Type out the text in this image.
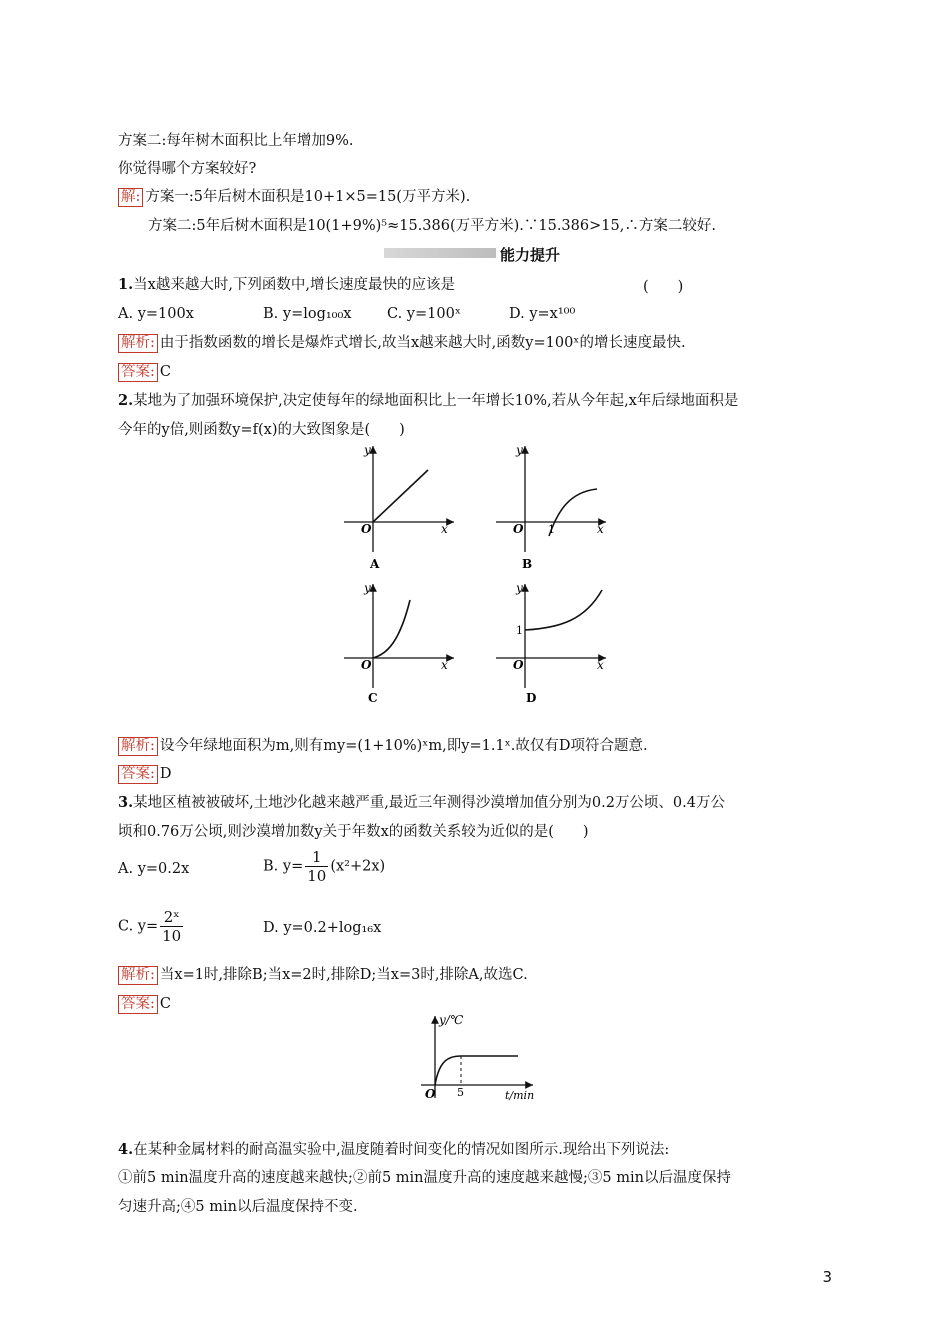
方案二:每年树木面积比上年增加9%.
你觉得哪个方案较好?
解: 方案一:5年后树木面积是10+1×5=15(万平方米).
方案二:5年后树木面积是10(1+9%)⁵≈15.386(万平方米).∵15.386>15,∴方案二较好.
能力提升
1.当x越来越大时,下列函数中,增长速度最快的应该是	(　　)
A. y=100x	B. y=log₁₀₀x C. y=100ˣ	D. y=x¹⁰⁰
解析: 由于指数函数的增长是爆炸式增长,故当x越来越大时,函数y=100ˣ的增长速度最快.
答案: C
2.某地为了加强环境保护,决定使每年的绿地面积比上一年增长10%,若从今年起,x年后绿地面积是
今年的y倍,则函数y=f(x)的大致图象是(　　)
y
x
O
A
y
x
O 1
B
y
x
O
C
y
x
O
1
D
解析: 设今年绿地面积为m,则有my=(1+10%)ˣm,即y=1.1ˣ.故仅有D项符合题意.
答案: D
3.某地区植被被破坏,土地沙化越来越严重,最近三年测得沙漠增加值分别为0.2万公顷、0.4万公
顷和0.76万公顷,则沙漠增加数y关于年数x的函数关系较为近似的是(　　)
A. y=0.2x	B. $y= \frac{1}{10} (x^2+2x)$
C. $y= \frac{\text{2ˣ}}{10}$	D. y=0.2+log₁₆x
解析: 当x=1时,排除B;当x=2时,排除D;当x=3时,排除A,故选C.
答案: C
y/℃
t/min
O 5
4.在某种金属材料的耐高温实验中,温度随着时间变化的情况如图所示.现给出下列说法:
①前5 min温度升高的速度越来越快;②前5 min温度升高的速度越来越慢;③5 min以后温度保持
匀速升高;④5 min以后温度保持不变.
3
